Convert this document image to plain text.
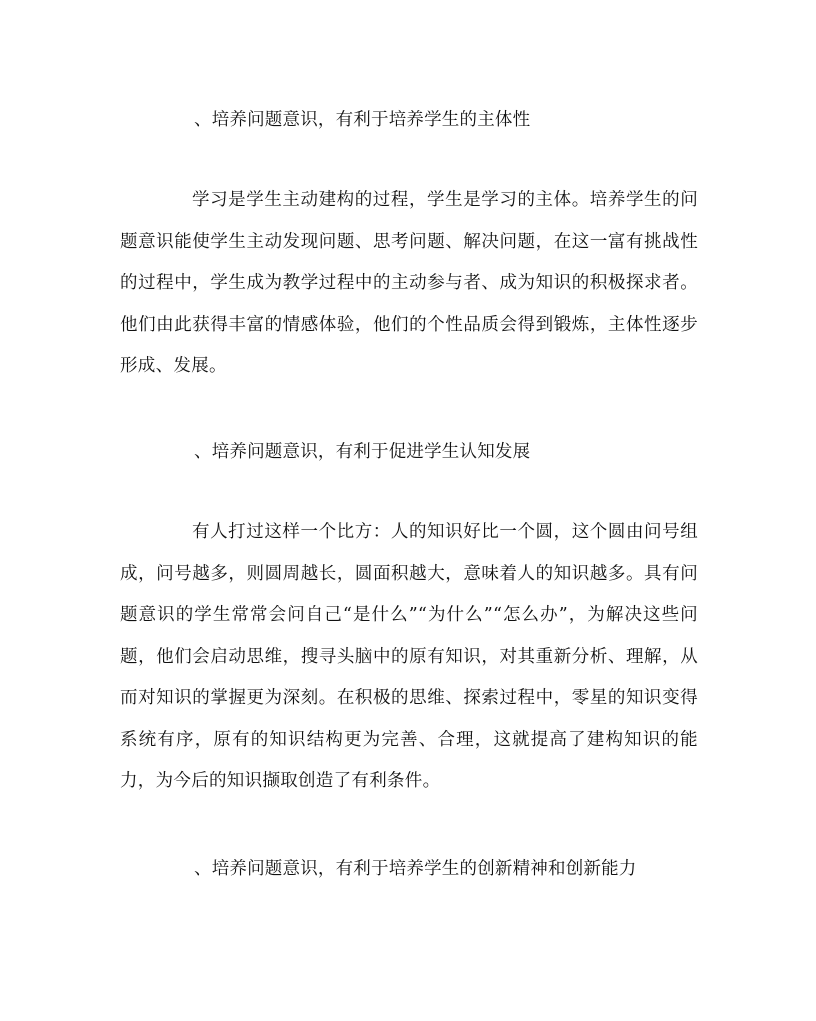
、培养问题意识，有利于培养学生的主体性
学习是学生主动建构的过程，学生是学习的主体。培养学生的问题意识能使学生主动发现问题、思考问题、解决问题，在这一富有挑战性的过程中，学生成为教学过程中的主动参与者、成为知识的积极探求者。他们由此获得丰富的情感体验，他们的个性品质会得到锻炼，主体性逐步形成、发展。
、培养问题意识，有利于促进学生认知发展
有人打过这样一个比方：人的知识好比一个圆，这个圆由问号组成，问号越多，则圆周越长，圆面积越大，意味着人的知识越多。具有问题意识的学生常常会问自己“是什么”“为什么”“怎么办”，为解决这些问题，他们会启动思维，搜寻头脑中的原有知识，对其重新分析、理解，从而对知识的掌握更为深刻。在积极的思维、探索过程中，零星的知识变得系统有序，原有的知识结构更为完善、合理，这就提高了建构知识的能力，为今后的知识撷取创造了有利条件。
、培养问题意识，有利于培养学生的创新精神和创新能力
